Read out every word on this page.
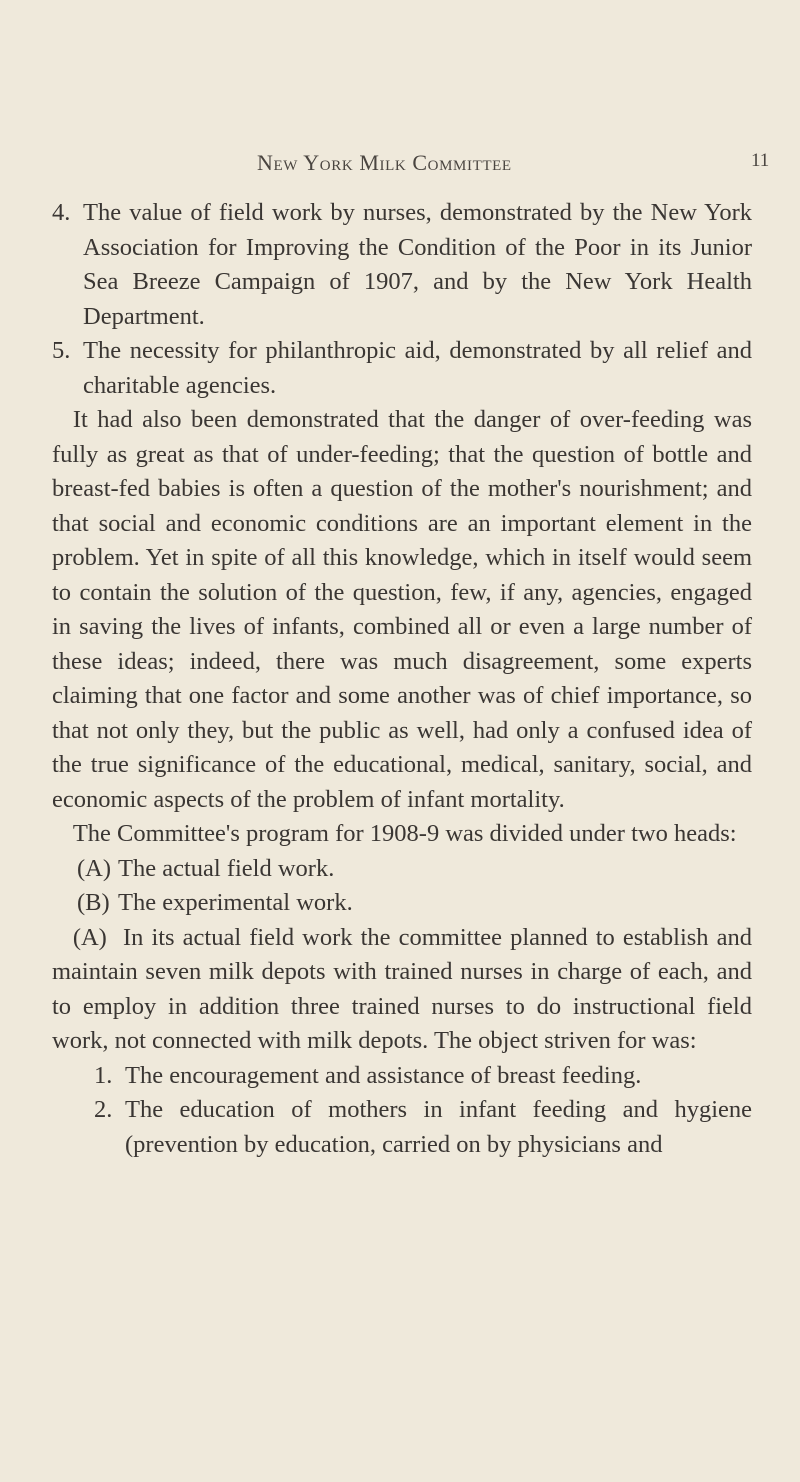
New York Milk Committee	11

4. The value of field work by nurses, demonstrated by the New York Association for Improving the Condition of the Poor in its Junior Sea Breeze Campaign of 1907, and by the New York Health Department.

5. The necessity for philanthropic aid, demonstrated by all relief and charitable agencies.

It had also been demonstrated that the danger of over-feeding was fully as great as that of under-feeding; that the question of bottle and breast-fed babies is often a question of the mother's nourishment; and that social and economic conditions are an important element in the problem. Yet in spite of all this knowledge, which in itself would seem to contain the solution of the question, few, if any, agencies, engaged in saving the lives of infants, combined all or even a large number of these ideas; indeed, there was much disagreement, some experts claiming that one factor and some another was of chief importance, so that not only they, but the public as well, had only a confused idea of the true significance of the educational, medical, sanitary, social, and economic aspects of the problem of infant mortality.

The Committee's program for 1908-9 was divided under two heads:

(A) The actual field work.

(B) The experimental work.

(A) In its actual field work the committee planned to establish and maintain seven milk depots with trained nurses in charge of each, and to employ in addition three trained nurses to do instructional field work, not connected with milk depots. The object striven for was:

1. The encouragement and assistance of breast feeding.

2. The education of mothers in infant feeding and hygiene (prevention by education, carried on by physicians and
